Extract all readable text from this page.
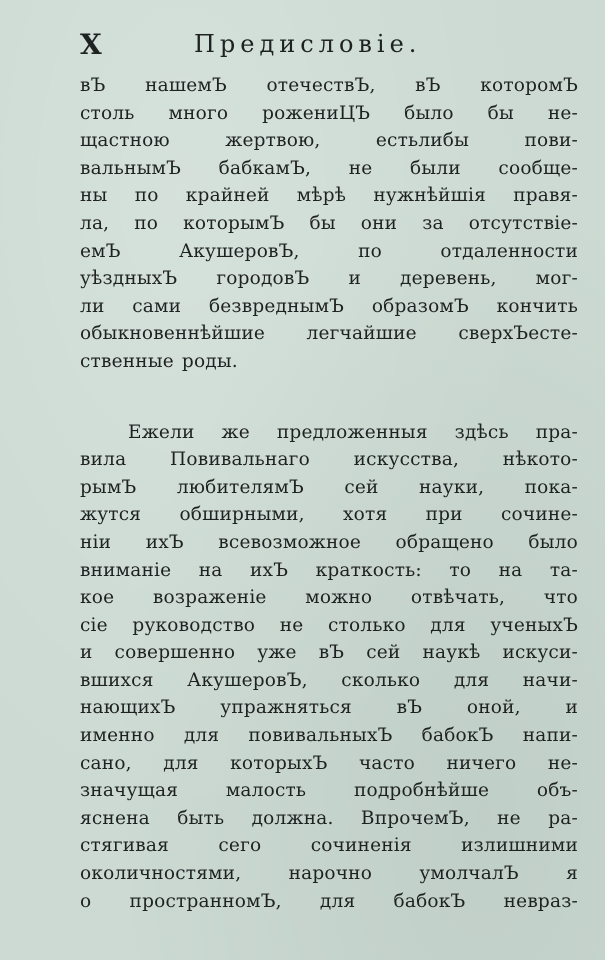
X	Предисловіе.
вЪ нашемЪ отечествЪ, вЪ которомЪ
столь много рожениЦЪ было бы не-
щастною	жертвою,	естьлибы	пови-
вальнымЪ бабкамЪ, не были сообще-
ны по крайней мѣрѣ нужнѣйшія правя-
ла, по которымЪ бы они за отсутствіе-
емЪ	АкушеровЪ,	по	отдаленности
уѣздныхЪ городовЪ и деревень, мог-
ли сами безвреднымЪ образомЪ кончить
обыкновеннѣйшие легчайшие сверхЪесте-
ственные роды.
Ежели же предложенныя здѣсь пра-
вила Повивальнаго искусства, нѣкото-
рымЪ любителямЪ сей науки, пока-
жутся обширными, хотя при сочине-
ніи ихЪ всевозможное обращено было
вниманіе на ихЪ краткость: то на та-
кое возраженіе можно отвѣчать, что
сіе руководство не столько для ученыхЪ
и совершенно уже вЪ сей наукѣ искуси-
вшихся АкушеровЪ, сколько для начи-
нающихЪ упражняться вЪ оной, и
именно для повивальныхЪ бабокЪ напи-
сано, для которыхЪ часто ничего не-
значущая	малость	подробнѣйше	объ-
яснена быть должна. ВпрочемЪ, не ра-
стягивая	сего	сочиненія	излишними
околичностями,	нарочно	умолчалЪ	я
о пространномЪ, для бабокЪ невраз-
